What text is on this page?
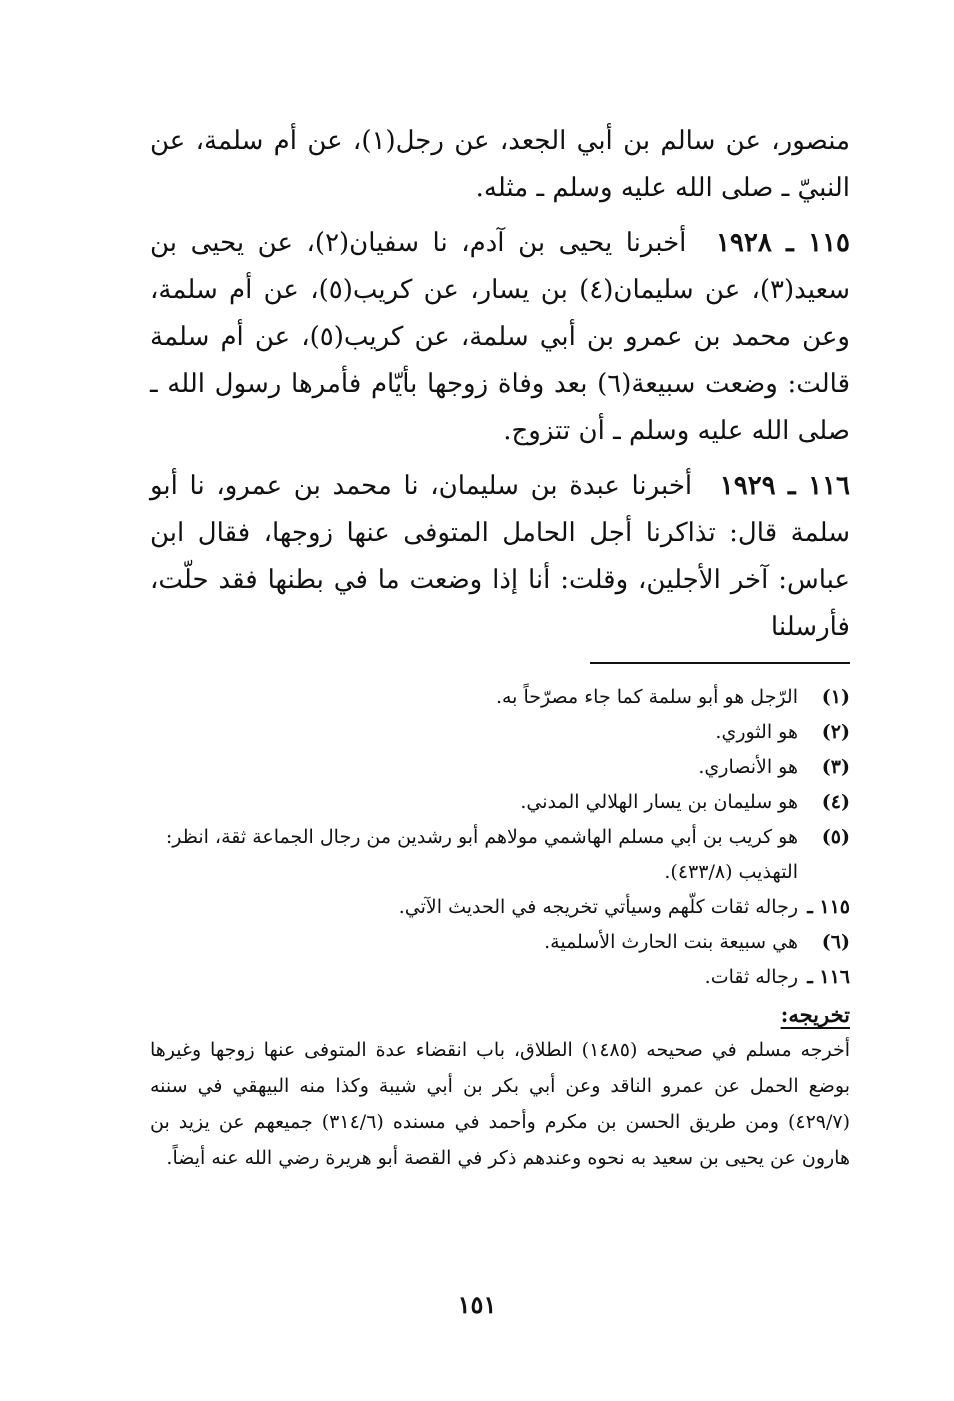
منصور، عن سالم بن أبي الجعد، عن رجل(١)، عن أم سلمة، عن النبيّ ـ صلى الله عليه وسلم ـ مثله.

١١٥ ـ ١٩٢٨ أخبرنا يحيى بن آدم، نا سفيان(٢)، عن يحيى بن سعيد(٣)، عن سليمان(٤) بن يسار، عن كريب(٥)، عن أم سلمة، وعن محمد بن عمرو بن أبي سلمة، عن كريب(٥)، عن أم سلمة قالت: وضعت سبيعة(٦) بعد وفاة زوجها بأيّام فأمرها رسول الله ـ صلى الله عليه وسلم ـ أن تتزوج.

١١٦ ـ ١٩٢٩ أخبرنا عبدة بن سليمان، نا محمد بن عمرو، نا أبو سلمة قال: تذاكرنا أجل الحامل المتوفى عنها زوجها، فقال ابن عباس: آخر الأجلين، وقلت: أنا إذا وضعت ما في بطنها فقد حلّت، فأرسلنا

(١)
الرّجل هو أبو سلمة كما جاء مصرّحاً به.
(٢)
هو الثوري.
(٣)
هو الأنصاري.
(٤)
هو سليمان بن يسار الهلالي المدني.
(٥)
هو كريب بن أبي مسلم الهاشمي مولاهم أبو رشدين من رجال الجماعة ثقة، انظر: التهذيب (٤٣٣/٨).
١١٥ ـ
رجاله ثقات كلّهم وسيأتي تخريجه في الحديث الآتي.
(٦)
هي سبيعة بنت الحارث الأسلمية.
١١٦ ـ
رجاله ثقات.
تخريجه:
أخرجه مسلم في صحيحه (١٤٨٥) الطلاق، باب انقضاء عدة المتوفى عنها زوجها وغيرها بوضع الحمل عن عمرو الناقد وعن أبي بكر بن أبي شيبة وكذا منه البيهقي في سننه (٤٢٩/٧) ومن طريق الحسن بن مكرم وأحمد في مسنده (٣١٤/٦) جميعهم عن يزيد بن هارون عن يحيى بن سعيد به نحوه وعندهم ذكر في القصة أبو هريرة رضي الله عنه أيضاً.
١٥١
